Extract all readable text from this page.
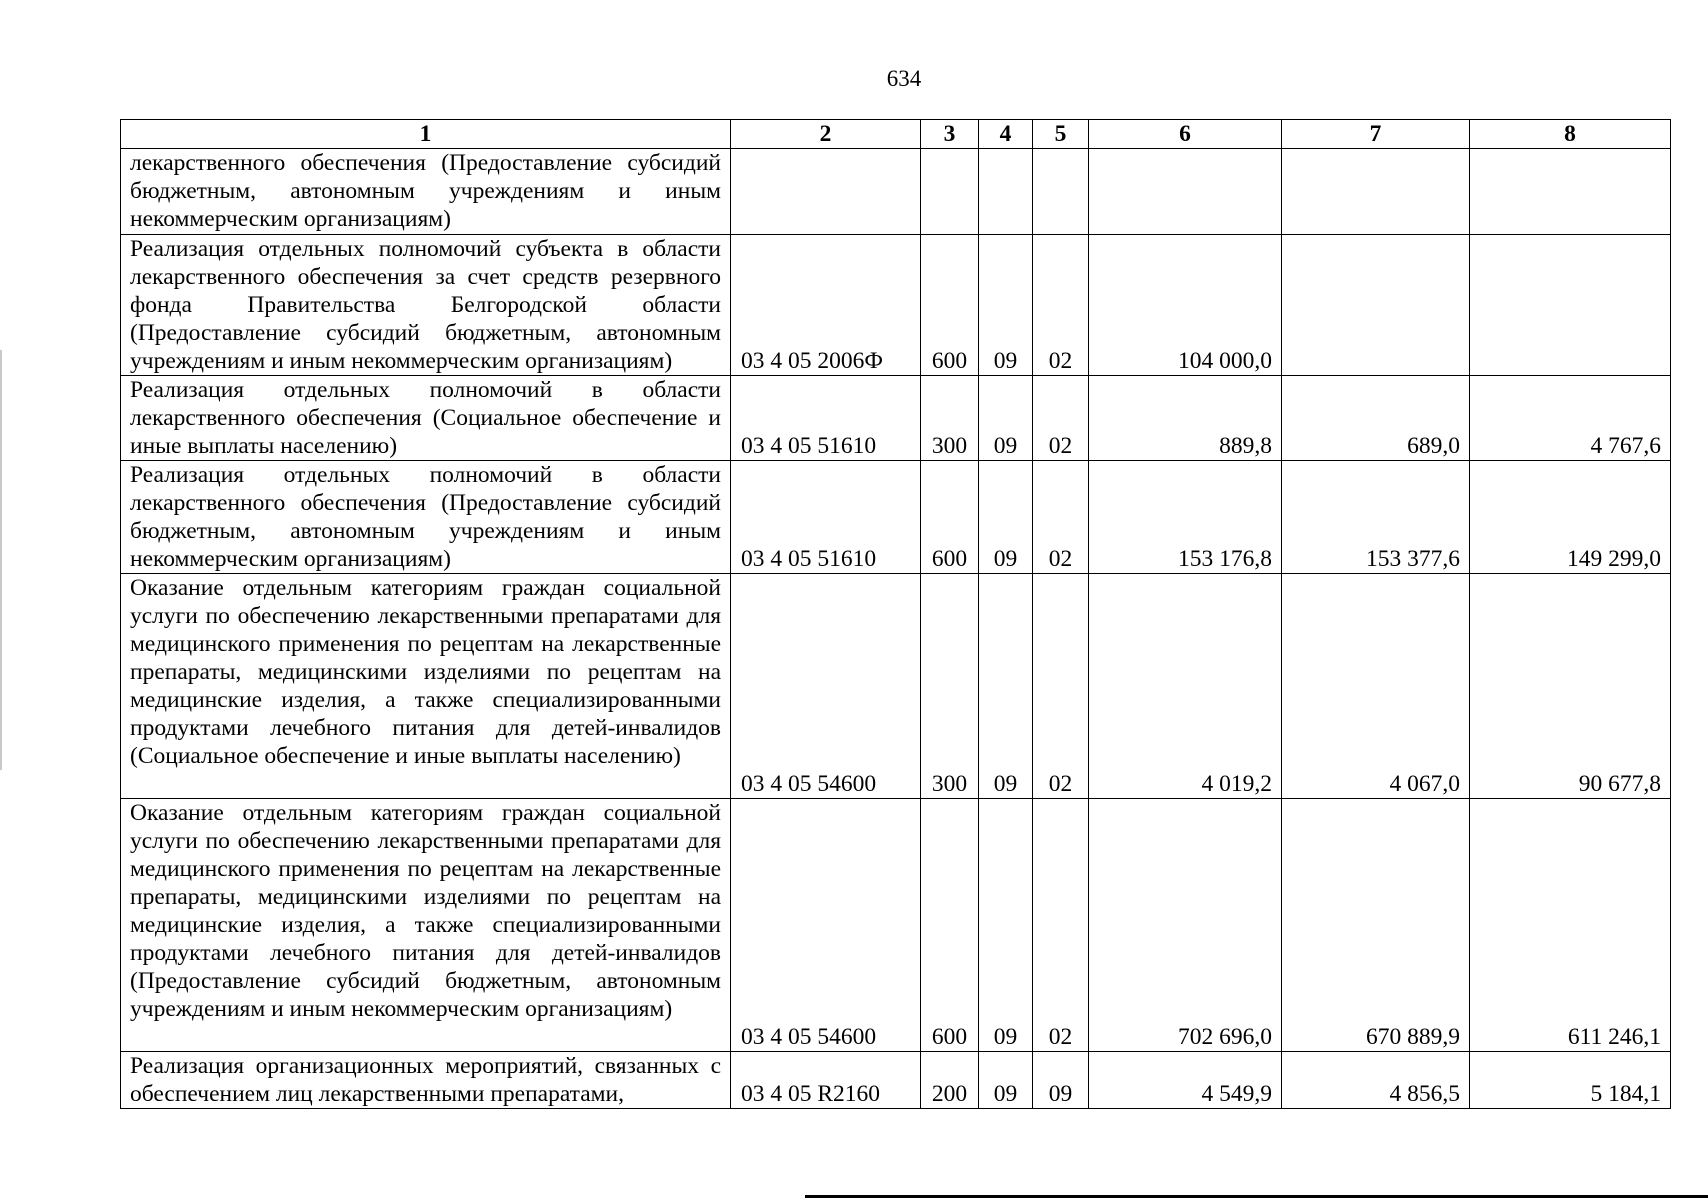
634
1	2	3	4	5	6	7	8
лекарственного обеспечения (Предоставление субсидий бюджетным, автономным учреждениям и иным некоммерческим организациям)							
Реализация отдельных полномочий субъекта в области лекарственного обеспечения за счет средств резервного фонда Правительства Белгородской области (Предоставление субсидий бюджетным, автономным учреждениям и иным некоммерческим организациям)	03 4 05 2006Ф	600	09	02	104 000,0		
Реализация отдельных полномочий в области лекарственного обеспечения (Социальное обеспечение и иные выплаты населению)	03 4 05 51610	300	09	02	889,8	689,0	4 767,6
Реализация отдельных полномочий в области лекарственного обеспечения (Предоставление субсидий бюджетным, автономным учреждениям и иным некоммерческим организациям)	03 4 05 51610	600	09	02	153 176,8	153 377,6	149 299,0
Оказание отдельным категориям граждан социальной услуги по обеспечению лекарственными препаратами для медицинского применения по рецептам на лекарственные препараты, медицинскими изделиями по рецептам на медицинские изделия, а также специализированными продуктами лечебного питания для детей-инвалидов (Социальное обеспечение и иные выплаты населению)	03 4 05 54600	300	09	02	4 019,2	4 067,0	90 677,8
Оказание отдельным категориям граждан социальной услуги по обеспечению лекарственными препаратами для медицинского применения по рецептам на лекарственные препараты, медицинскими изделиями по рецептам на медицинские изделия, а также специализированными продуктами лечебного питания для детей-инвалидов (Предоставление субсидий бюджетным, автономным учреждениям и иным некоммерческим организациям)	03 4 05 54600	600	09	02	702 696,0	670 889,9	611 246,1
Реализация организационных мероприятий, связанных с обеспечением лиц лекарственными препаратами,	03 4 05 R2160	200	09	09	4 549,9	4 856,5	5 184,1
